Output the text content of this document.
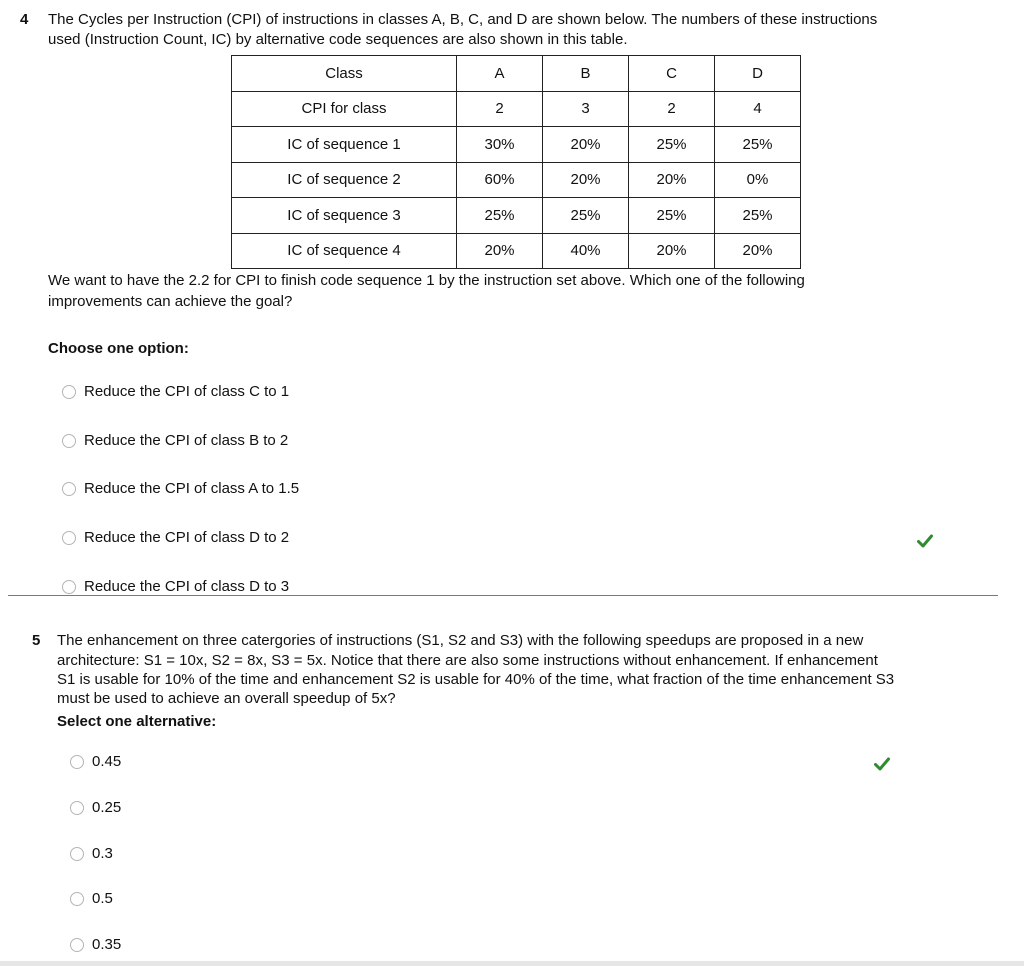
4 The Cycles per Instruction (CPI) of instructions in classes A, B, C, and D are shown below. The numbers of these instructions
used (Instruction Count, IC) by alternative code sequences are also shown in this table.
Class	A	B	C	D
CPI for class	2	3	2	4
IC of sequence 1	30%	20%	25%	25%
IC of sequence 2	60%	20%	20%	0%
IC of sequence 3	25%	25%	25%	25%
IC of sequence 4	20%	40%	20%	20%
We want to have the 2.2 for CPI to finish code sequence 1 by the instruction set above. Which one of the following
improvements can achieve the goal?
Choose one option:
Reduce the CPI of class C to 1
Reduce the CPI of class B to 2
Reduce the CPI of class A to 1.5
Reduce the CPI of class D to 2
Reduce the CPI of class D to 3
5 The enhancement on three catergories of instructions (S1, S2 and S3) with the following speedups are proposed in a new
architecture: S1 = 10x, S2 = 8x, S3 = 5x. Notice that there are also some instructions without enhancement. If enhancement
S1 is usable for 10% of the time and enhancement S2 is usable for 40% of the time, what fraction of the time enhancement S3
must be used to achieve an overall speedup of 5x?
Select one alternative:
0.45
0.25
0.3
0.5
0.35
